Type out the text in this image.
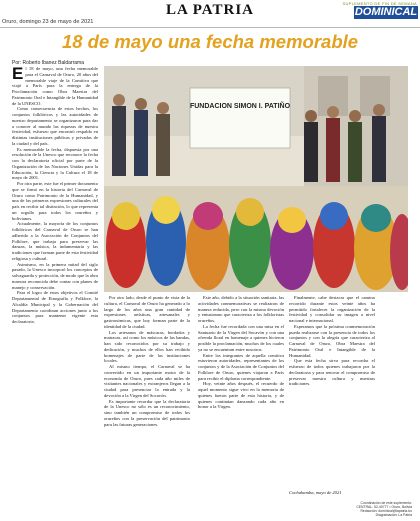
Oruro, domingo 23 de mayo de 2021
LA PATRIA	SUPLEMENTO DE FIN DE SEMANA
DOMINICAL
18 de mayo una fecha memorable
Por: Roberto Ibanez Baldarrama
E l 18 de mayo, una fecha memorable para el Carnaval de Oruro, 20 años del memorable viaje de la Comitiva que viajó a París para la entrega de la Proclamación como Obra Maestra del Patrimonio Oral e Intangible de la Humanidad de la UNESCO.

Como consecuencia de estos hechos, los conjuntos folklóricos y las autoridades de nuestro departamento se organizaron para dar a conocer al mundo las riquezas de nuestra festividad, esfuerzo que encontró respaldo en distintas instituciones públicas y privadas de la ciudad y del país.

Es memorable la fecha, dispuesta por una resolución de la Unesco que reconoce la fecha con la declaratoria oficial por parte de la Organización de las Naciones Unidas para la Educación, la Ciencia y la Cultura el 18 de mayo de 2001.

Por otra parte, este fue el primer documento que se firmó en la historia del Carnaval de Oruro como Patrimonio de la Humanidad, y una de las primeras expresiones culturales del país en recibir tal distinción, lo que representa un orgullo para todos los orureños y bolivianos.

Actualmente, la mayoría de los conjuntos folklóricos del Carnaval de Oruro se han adherido a la Asociación de Conjuntos del Folklore, que trabaja para preservar las danzas, la música, la indumentaria y las tradiciones que forman parte de esta festividad religiosa y cultural.

Asimismo, en la primera mitad del siglo pasado, la Unesco incorporó los conceptos de salvaguarda y protección, de modo que la obra maestra reconocida debe contar con planes de manejo y conservación.

Para el logro de estos objetivos el Comité Departamental de Etnografía y Folklore, la Alcaldía Municipal y la Gobernación del Departamento coordinan acciones junto a los conjuntos para mantener vigente esta declaratoria.

FUNDACION SIMON I. PATIÑO

Por otro lado, desde el punto de vista de la cultura, el Carnaval de Oruro ha generado a lo largo de los años una gran cantidad de expresiones artísticas, artesanales y gastronómicas, que hoy forman parte de la identidad de la ciudad.

Los artesanos de máscaras, bordados y matracas, así como los músicos de las bandas, han sido reconocidos por su trabajo y dedicación, y muchos de ellos han recibido homenajes de parte de las instituciones locales.

Al mismo tiempo, el Carnaval se ha convertido en un importante motor de la economía de Oruro, pues cada año miles de visitantes nacionales y extranjeros llegan a la ciudad para presenciar la entrada y la devoción a la Virgen del Socavón.

Es importante recordar que la declaratoria de la Unesco no sólo es un reconocimiento, sino también un compromiso de todos los orureños con la preservación del patrimonio para las futuras generaciones.

Este año, debido a la situación sanitaria, las actividades conmemorativas se realizaron de manera reducida, pero con la misma devoción y entusiasmo que caracteriza a los folkloristas orureños.

La fecha fue recordada con una misa en el Santuario de la Virgen del Socavón y con una ofrenda floral en homenaje a quienes hicieron posible la proclamación, muchos de los cuales ya no se encuentran entre nosotros.

Entre los integrantes de aquella comitiva estuvieron autoridades, representantes de los conjuntos y de la Asociación de Conjuntos del Folklore de Oruro, quienes viajaron a París para recibir el diploma correspondiente.

Hoy, veinte años después, el recuerdo de aquel momento sigue vivo en la memoria de quienes fueron parte de esta historia, y de quienes continúan danzando cada año en honor a la Virgen.

Finalmente, cabe destacar que el camino recorrido durante estos veinte años ha permitido fortalecer la organización de la festividad y consolidar su imagen a nivel nacional e internacional.

Esperamos que la próxima conmemoración pueda realizarse con la presencia de todos los conjuntos y con la alegría que caracteriza al Carnaval de Oruro, Obra Maestra del Patrimonio Oral e Intangible de la Humanidad.

Que esta fecha sirva para recordar el esfuerzo de todos quienes trabajaron por la declaratoria y para renovar el compromiso de preservar nuestra cultura y nuestras tradiciones.

Cochabamba, mayo de 2021
Coordinación de este suplemento:
CENTRAL: 52-40777 • Oruro, Bolivia
Redacción: dominical@lapatria.bo
Diagramación: La Patria
